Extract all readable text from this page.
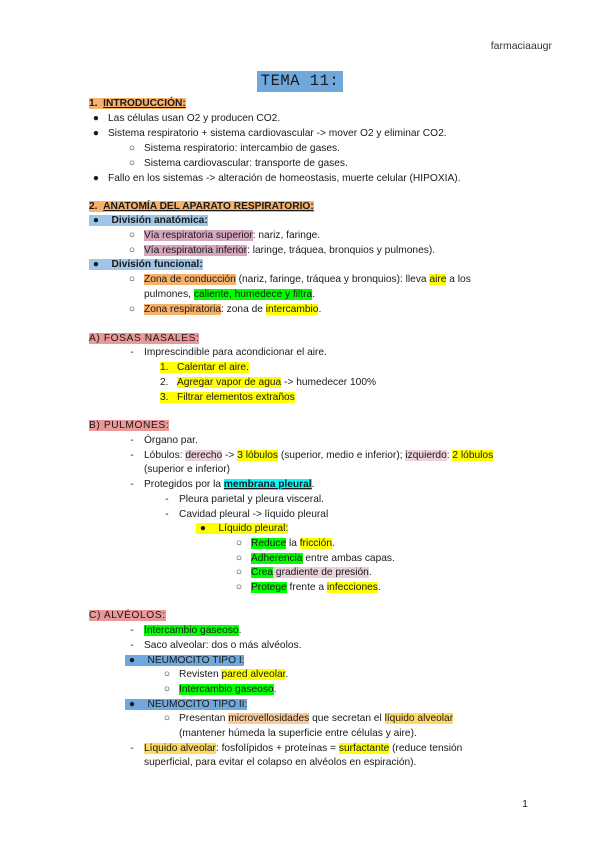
farmaciaaugr
TEMA 11:
1. INTRODUCCIÓN:
● Las células usan O2 y producen CO2.
● Sistema respiratorio + sistema cardiovascular -> mover O2 y eliminar CO2.
○ Sistema respiratorio: intercambio de gases.
○ Sistema cardiovascular: transporte de gases.
● Fallo en los sistemas -> alteración de homeostasis, muerte celular (HIPOXIA).
2. ANATOMÍA DEL APARATO RESPIRATORIO:
● División anatómica:
○ Vía respiratoria superior: nariz, faringe.
○ Vía respiratoria inferior: laringe, tráquea, bronquios y pulmones).
● División funcional:
○ Zona de conducción (nariz, faringe, tráquea y bronquios): lleva aire a los
pulmones, caliente, humedece y filtra.
○ Zona respiratoria: zona de intercambio.
A) FOSAS NASALES:
-	Imprescindible para acondicionar el aire.
1. Calentar el aire.
2. Agregar vapor de agua -> humedecer 100%
3. Filtrar elementos extraños
B) PULMONES:
-	Órgano par.
-	Lóbulos: derecho -> 3 lóbulos (superior, medio e inferior); izquierdo: 2 lóbulos
(superior e inferior)
-	Protegidos por la membrana pleural.
-	Pleura parietal y pleura visceral.
-	Cavidad pleural -> líquido pleural
● Líquido pleural:
○ Reduce la fricción.
○ Adherencia entre ambas capas.
○ Crea gradiente de presión.
○ Protege frente a infecciones.
C) ALVÉOLOS:
-	Intercambio gaseoso.
-	Saco alveolar: dos o más alvéolos.
● NEUMOCITO TIPO I:
○ Revisten pared alveolar.
○ Intercambio gaseoso.
● NEUMOCITO TIPO II:
○ Presentan microvellosidades que secretan el líquido alveolar
(mantener húmeda la superficie entre células y aire).
-	Líquido alveolar: fosfolípidos + proteínas = surfactante (reduce tensión
superficial, para evitar el colapso en alvéolos en espiración).
1
